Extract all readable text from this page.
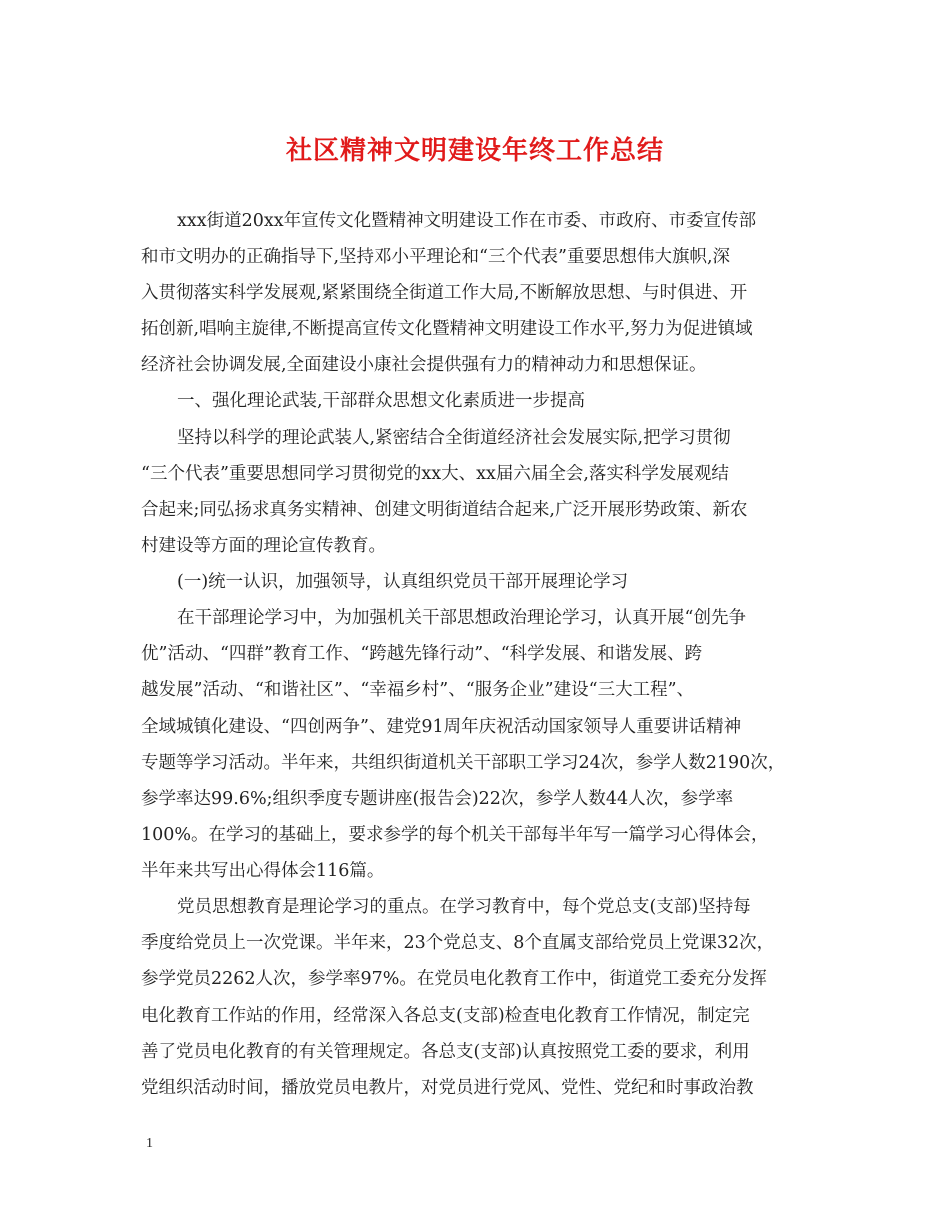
社区精神文明建设年终工作总结
xxx街道20xx年宣传文化暨精神文明建设工作在市委、市政府、市委宣传部
和市文明办的正确指导下,坚持邓小平理论和“三个代表”重要思想伟大旗帜,深
入贯彻落实科学发展观,紧紧围绕全街道工作大局,不断解放思想、与时俱进、开
拓创新,唱响主旋律,不断提高宣传文化暨精神文明建设工作水平,努力为促进镇域
经济社会协调发展,全面建设小康社会提供强有力的精神动力和思想保证。
一、强化理论武装,干部群众思想文化素质进一步提高
坚持以科学的理论武装人,紧密结合全街道经济社会发展实际,把学习贯彻
“三个代表”重要思想同学习贯彻党的xx大、xx届六届全会,落实科学发展观结
合起来;同弘扬求真务实精神、创建文明街道结合起来,广泛开展形势政策、新农
村建设等方面的理论宣传教育。
(一)统一认识，加强领导，认真组织党员干部开展理论学习
在干部理论学习中，为加强机关干部思想政治理论学习，认真开展“创先争
优”活动、“四群”教育工作、“跨越先锋行动”、“科学发展、和谐发展、跨
越发展”活动、“和谐社区”、“幸福乡村”、“服务企业”建设“三大工程”、
全域城镇化建设、“四创两争”、建党91周年庆祝活动国家领导人重要讲话精神
专题等学习活动。半年来，共组织街道机关干部职工学习24次，参学人数2190次，
参学率达99.6%;组织季度专题讲座(报告会)22次，参学人数44人次，参学率
100%。在学习的基础上，要求参学的每个机关干部每半年写一篇学习心得体会，
半年来共写出心得体会116篇。
党员思想教育是理论学习的重点。在学习教育中，每个党总支(支部)坚持每
季度给党员上一次党课。半年来，23个党总支、8个直属支部给党员上党课32次，
参学党员2262人次，参学率97%。在党员电化教育工作中，街道党工委充分发挥
电化教育工作站的作用，经常深入各总支(支部)检查电化教育工作情况，制定完
善了党员电化教育的有关管理规定。各总支(支部)认真按照党工委的要求，利用
党组织活动时间，播放党员电教片，对党员进行党风、党性、党纪和时事政治教
1
